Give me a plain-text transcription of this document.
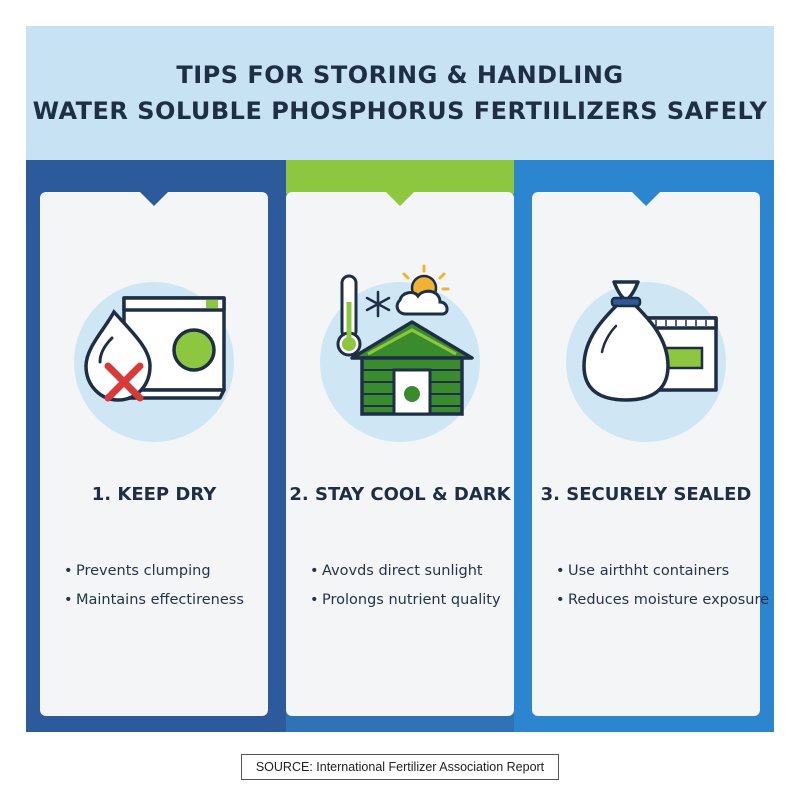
TIPS FOR STORING & HANDLING
WATER SOLUBLE PHOSPHORUS FERTIILIZERS SAFELY
1. KEEP DRY
• Prevents clumping
• Maintains effectireness
2. STAY COOL & DARK
• Avovds direct sunlight
• Prolongs nutrient quality
3. SECURELY SEALED
• Use airthht containers
• Reduces moisture exposure
SOURCE: International Fertilizer Association Report
